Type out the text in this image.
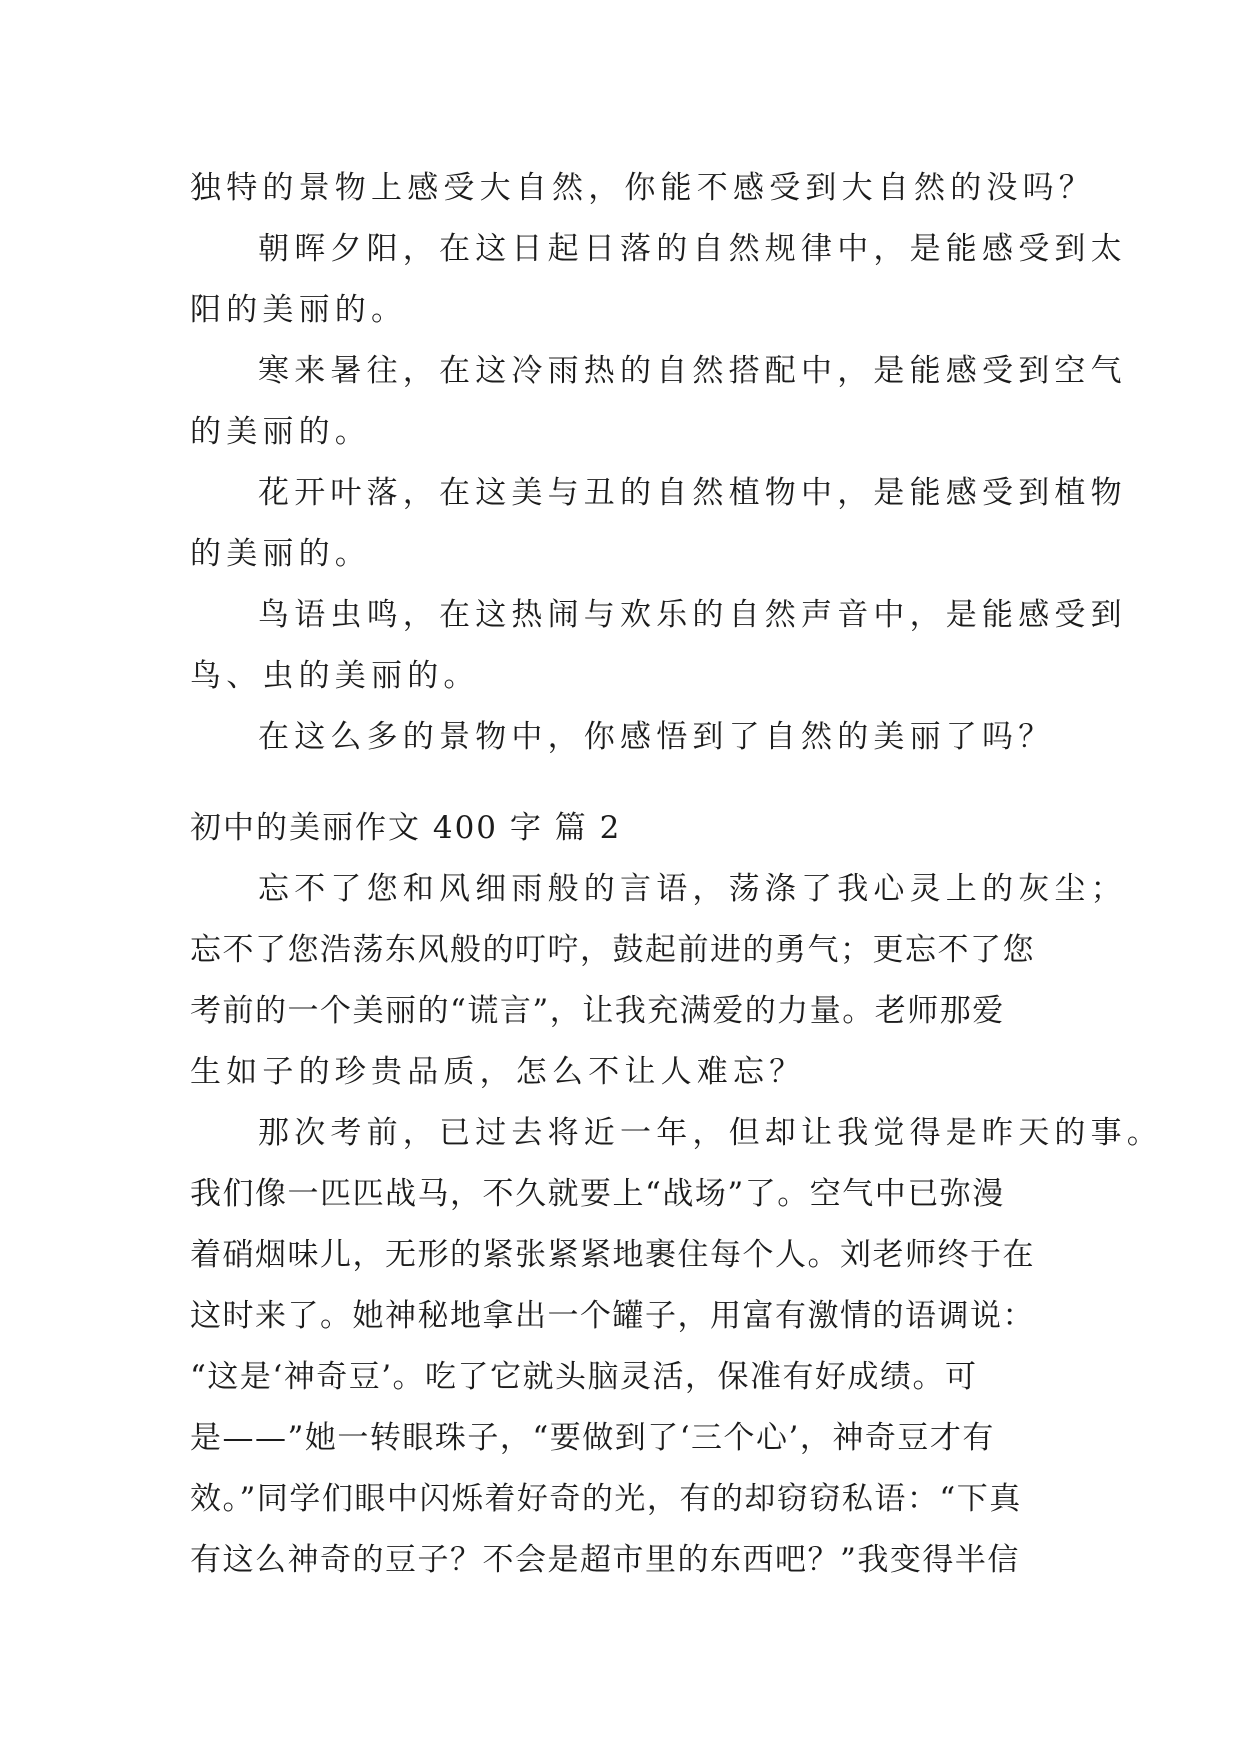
独特的景物上感受大自然，你能不感受到大自然的没吗？
朝晖夕阳，在这日起日落的自然规律中，是能感受到太
阳的美丽的。
寒来暑往，在这冷雨热的自然搭配中，是能感受到空气
的美丽的。
花开叶落，在这美与丑的自然植物中，是能感受到植物
的美丽的。
鸟语虫鸣，在这热闹与欢乐的自然声音中，是能感受到
鸟、虫的美丽的。
在这么多的景物中，你感悟到了自然的美丽了吗？
初中的美丽作文 400 字 篇 2
忘不了您和风细雨般的言语，荡涤了我心灵上的灰尘；
忘不了您浩荡东风般的叮咛，鼓起前进的勇气；更忘不了您
考前的一个美丽的“谎言”，让我充满爱的力量。老师那爱
生如子的珍贵品质，怎么不让人难忘？
那次考前，已过去将近一年，但却让我觉得是昨天的事。
我们像一匹匹战马，不久就要上“战场”了。空气中已弥漫
着硝烟味儿，无形的紧张紧紧地裹住每个人。刘老师终于在
这时来了。她神秘地拿出一个罐子，用富有激情的语调说：
“这是‘神奇豆’。吃了它就头脑灵活，保准有好成绩。可
是——”她一转眼珠子，“要做到了‘三个心’，神奇豆才有
效。”同学们眼中闪烁着好奇的光，有的却窃窃私语：“下真
有这么神奇的豆子？不会是超市里的东西吧？”我变得半信
